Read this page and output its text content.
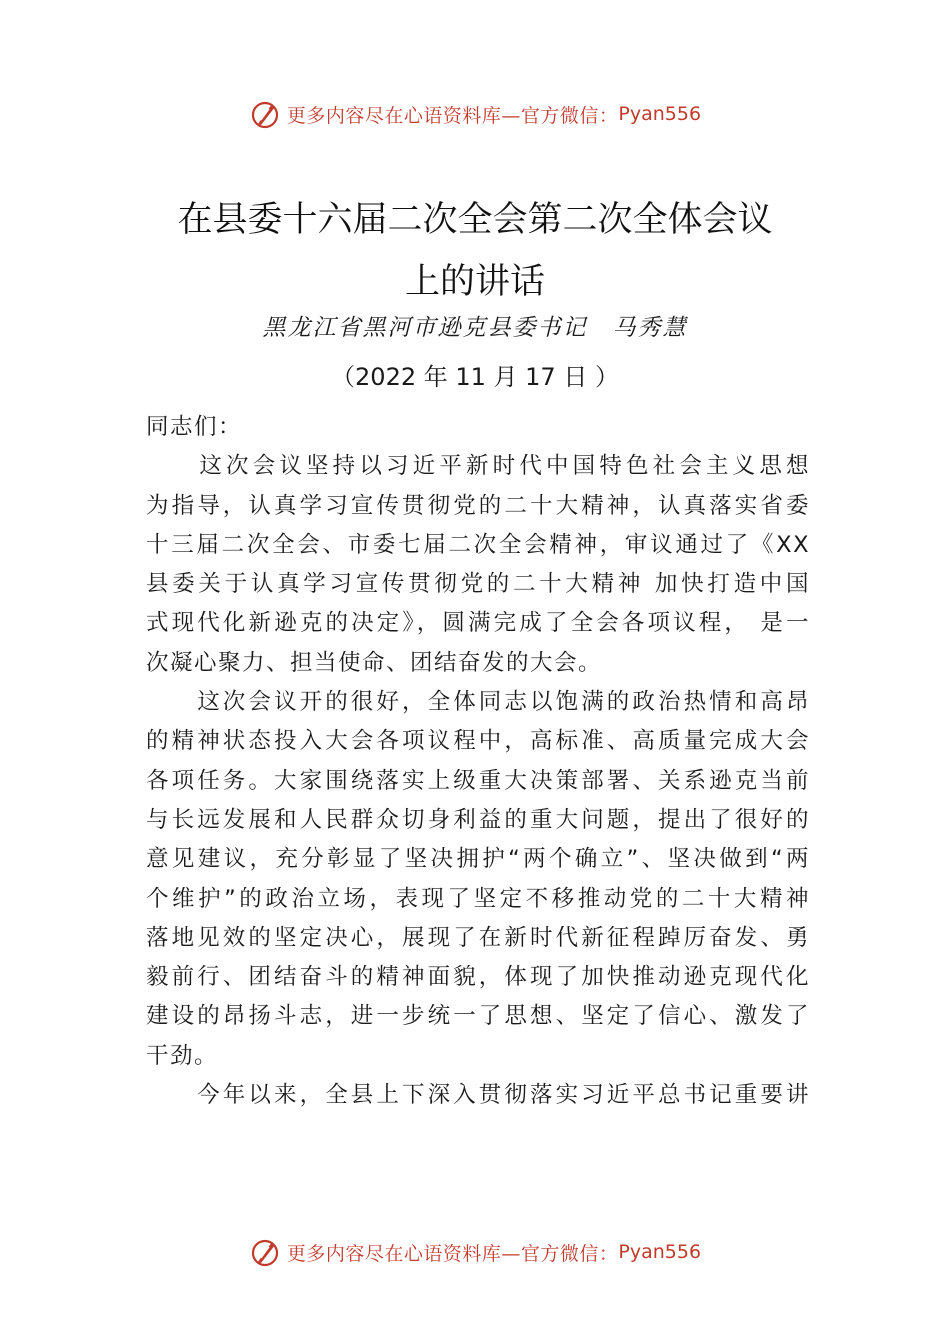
更多内容尽在心语资料库—官方微信： Pyan556
在县委十六届二次全会第二次全体会议
上的讲话
黑龙江省黑河市逊克县委书记　马秀慧
（2022 年 11 月 17 日 ）
同志们：
　　这次会议坚持以习近平新时代中国特色社会主义思想
为指导，认真学习宣传贯彻党的二十大精神，认真落实省委
十三届二次全会、市委七届二次全会精神，审议通过了《XX
县委关于认真学习宣传贯彻党的二十大精神 加快打造中国
式现代化新逊克的决定》，圆满完成了全会各项议程， 是一
次凝心聚力、担当使命、团结奋发的大会。
　　这次会议开的很好，全体同志以饱满的政治热情和高昂
的精神状态投入大会各项议程中，高标准、高质量完成大会
各项任务。大家围绕落实上级重大决策部署、关系逊克当前
与长远发展和人民群众切身利益的重大问题，提出了很好的
意见建议，充分彰显了坚决拥护“两个确立”、坚决做到“两
个维护”的政治立场，表现了坚定不移推动党的二十大精神
落地见效的坚定决心，展现了在新时代新征程踔厉奋发、勇
毅前行、团结奋斗的精神面貌，体现了加快推动逊克现代化
建设的昂扬斗志，进一步统一了思想、坚定了信心、激发了
干劲。
　　今年以来，全县上下深入贯彻落实习近平总书记重要讲
更多内容尽在心语资料库—官方微信： Pyan556
